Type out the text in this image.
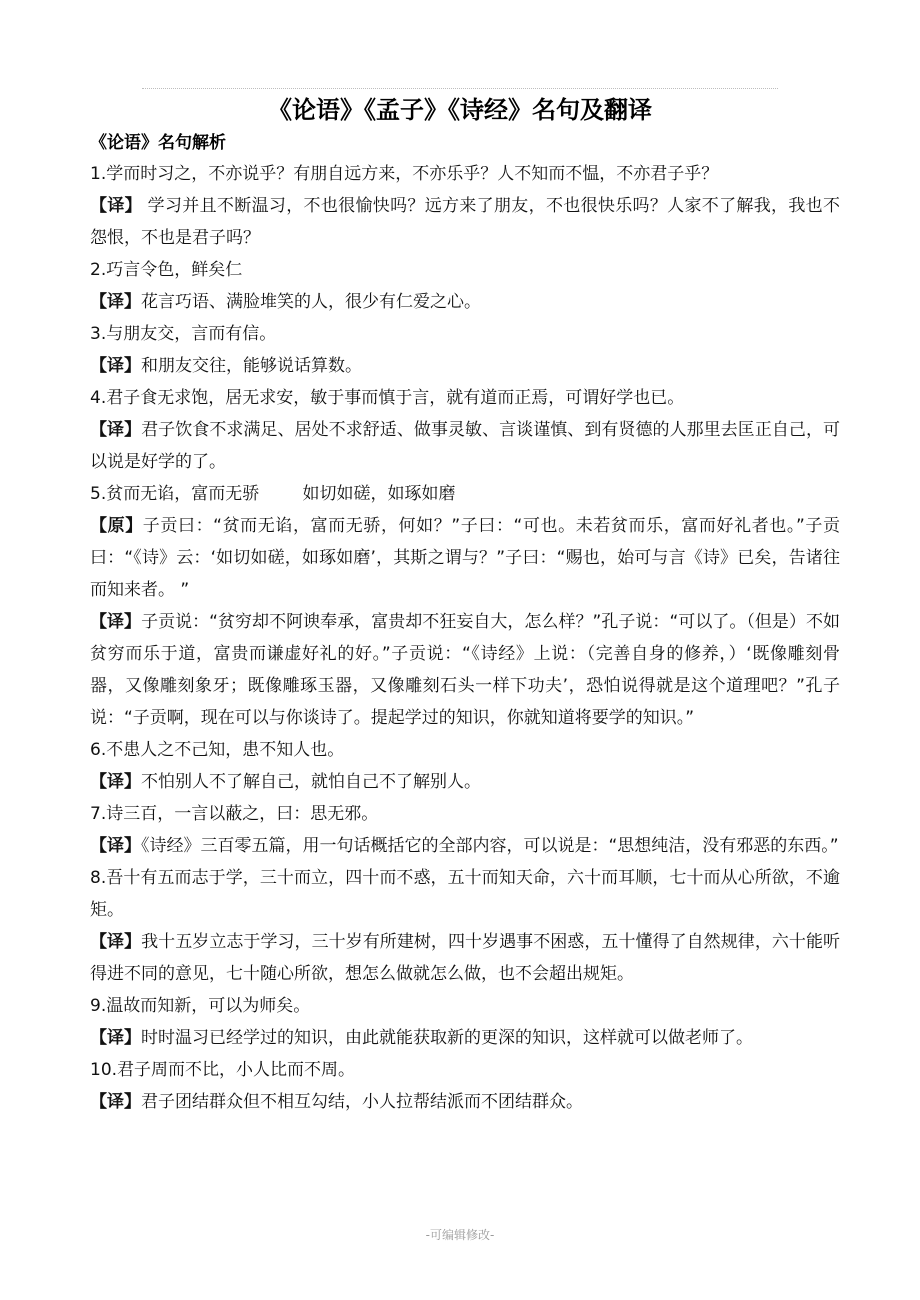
《论语》《孟子》《诗经》名句及翻译
《论语》名句解析
1.学而时习之，不亦说乎？有朋自远方来，不亦乐乎？人不知而不愠，不亦君子乎？
【译】 学习并且不断温习，不也很愉快吗？远方来了朋友，不也很快乐吗？人家不了解我，我也不怨恨，不也是君子吗？
2.巧言令色，鲜矣仁
【译】花言巧语、满脸堆笑的人，很少有仁爱之心。
3.与朋友交，言而有信。
【译】和朋友交往，能够说话算数。
4.君子食无求饱，居无求安，敏于事而慎于言，就有道而正焉，可谓好学也已。
【译】君子饮食不求满足、居处不求舒适、做事灵敏、言谈谨慎、到有贤德的人那里去匡正自己，可以说是好学的了。
5.贫而无谄，富而无骄        如切如磋，如琢如磨
【原】子贡曰：“贫而无谄，富而无骄，何如？”子曰：“可也。未若贫而乐，富而好礼者也。”子贡曰：“《诗》云：‘如切如磋，如琢如磨’，其斯之谓与？”子曰：“赐也，始可与言《诗》已矣，告诸往而知来者。 ”
【译】子贡说：“贫穷却不阿谀奉承，富贵却不狂妄自大，怎么样？”孔子说：“可以了。（但是）不如贫穷而乐于道，富贵而谦虚好礼的好。”子贡说：“《诗经》上说：（完善自身的修养，）‘既像雕刻骨器，又像雕刻象牙；既像雕琢玉器，又像雕刻石头一样下功夫’，恐怕说得就是这个道理吧？”孔子说：“子贡啊，现在可以与你谈诗了。提起学过的知识，你就知道将要学的知识。”
6.不患人之不己知，患不知人也。
【译】不怕别人不了解自己，就怕自己不了解别人。
7.诗三百，一言以蔽之，曰：思无邪。
【译】《诗经》三百零五篇，用一句话概括它的全部内容，可以说是：“思想纯洁，没有邪恶的东西。”
8.吾十有五而志于学，三十而立，四十而不惑，五十而知天命，六十而耳顺，七十而从心所欲，不逾矩。
【译】我十五岁立志于学习，三十岁有所建树，四十岁遇事不困惑，五十懂得了自然规律，六十能听得进不同的意见，七十随心所欲，想怎么做就怎么做，也不会超出规矩。
9.温故而知新，可以为师矣。
【译】时时温习已经学过的知识，由此就能获取新的更深的知识，这样就可以做老师了。
10.君子周而不比，小人比而不周。
【译】君子团结群众但不相互勾结，小人拉帮结派而不团结群众。
-可编辑修改-
